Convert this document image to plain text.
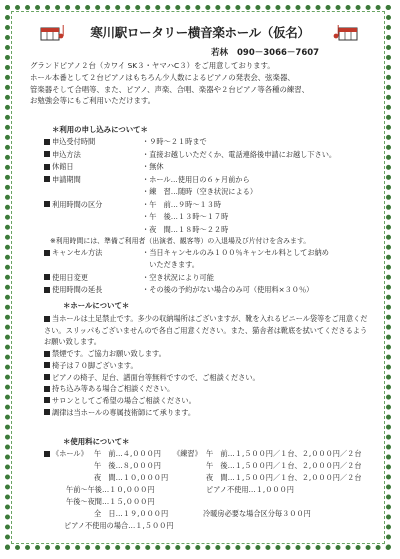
寒川駅ロータリー横音楽ホール（仮名）
若林 090－3066－7607
グランドピアノ２台（カワイ SK３・ヤマハC３）をご用意しております。
ホール本番として２台ピアノはもちろん少人数によるピアノの発表会、弦楽器、
管楽器そして合唱等、また、ピアノ、声楽、合唱、楽器や２台ピアノ等各種の練習、
お勉強会等にもご利用いただけます。
＊利用の申し込みについて＊
申込受付時間	・９時～２１時まで
申込方法	・直接お越しいただくか、電話連絡後申請にお越し下さい。
休館日	・無休
申請期間	・ホール…使用日の６ヶ月前から
・練　習…随時（空き状況による）
利用時間の区分	・午　前…９時～１３時
・午　後…１３時～１７時
・夜　間…１８時～２２時
※利用時間には、準備ご利用者（出演者、観客等）の入退場及び片付けを含みます。
キャンセル方法	・当日キャンセルのみ１００％キャンセル料としてお納め
　いただきます。
使用日変更	・空き状況により可能
使用時間の延長	・その後の予約がない場合のみ可（使用料×３０％）
＊ホールについて＊
当ホールは土足禁止です。多少の収納場所はございますが、靴を入れるビニール袋等をご用意ください。スリッパもございませんので各自ご用意ください。また、猫舎者は靴底を拭いてくださるようお願い致します。
禁煙です。ご協力お願い致します。
椅子は７０脚ございます。
ピアノの椅子、足台、譜面台等無料ですので、ご相談ください。
持ち込み等ある場合ご相談ください。
サロンとしてご希望の場合ご相談ください。
調律は当ホールの専属技術師にて承ります。
＊使用料について＊
《ホール》 午　前…４,０００円
午　後…８,０００円
夜　間…１０,０００円
午前～午後…１０,０００円
午後～夜間…１５,０００円
全　日…１９,０００円
ピアノ不使用の場合…１,５００円
《練習》 午　前…１,５００円／１台、２,０００円／２台
午　後…１,５００円／１台、２,０００円／２台
夜　間…１,５００円／１台、２,０００円／２台
ピアノ不使用…１,０００円
冷暖房必要な場合区分毎３００円
